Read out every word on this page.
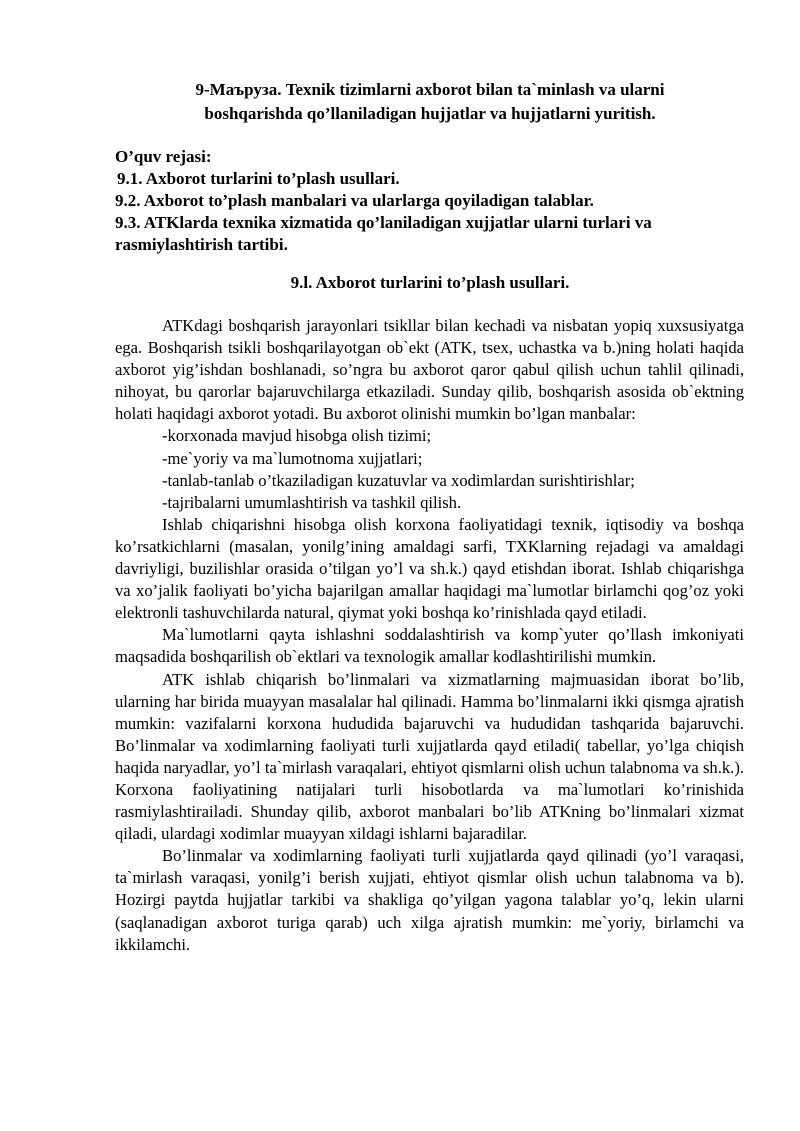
9-Маъруза. Texnik tizimlarni axborot bilan ta`minlash va ularni
boshqarishda qo’llaniladigan hujjatlar va hujjatlarni yuritish.
O’quv rejasi:
9.1. Axborot turlarini to’plash usullari.
9.2. Axborot to’plash manbalari va ularlarga qoyiladigan talablar.
9.3. ATKlarda texnika xizmatida qo’laniladigan xujjatlar ularni turlari va rasmiylashtirish tartibi.
9.l. Axborot turlarini to’plash usullari.

ATKdagi boshqarish jarayonlari tsikllar bilan kechadi va nisbatan yopiq xuxsusiyatga ega. Boshqarish tsikli boshqarilayotgan ob`ekt (ATK, tsex, uchastka va b.)ning holati haqida axborot yig’ishdan boshlanadi, so’ngra bu axborot qaror qabul qilish uchun tahlil qilinadi, nihoyat, bu qarorlar bajaruvchilarga etkaziladi. Sunday qilib, boshqarish asosida ob`ektning holati haqidagi axborot yotadi. Bu axborot olinishi mumkin bo’lgan manbalar:

-korxonada mavjud hisobga olish tizimi;
-me`yoriy va ma`lumotnoma xujjatlari;
-tanlab-tanlab o’tkaziladigan kuzatuvlar va xodimlardan surishtirishlar;
-tajribalarni umumlashtirish va tashkil qilish.

Ishlab chiqarishni hisobga olish korxona faoliyatidagi texnik, iqtisodiy va boshqa ko’rsatkichlarni (masalan, yonilg’ining amaldagi sarfi, TXKlarning rejadagi va amaldagi davriyligi, buzilishlar orasida o’tilgan yo’l va sh.k.) qayd etishdan iborat. Ishlab chiqarishga va xo’jalik faoliyati bo’yicha bajarilgan amallar haqidagi ma`lumotlar birlamchi qog’oz yoki elektronli tashuvchilarda natural, qiymat yoki boshqa ko’rinishlada qayd etiladi.

Ma`lumotlarni qayta ishlashni soddalashtirish va komp`yuter qo’llash imkoniyati maqsadida boshqarilish ob`ektlari va texnologik amallar kodlashtirilishi mumkin.

ATK ishlab chiqarish bo’linmalari va xizmatlarning majmuasidan iborat bo’lib, ularning har birida muayyan masalalar hal qilinadi. Hamma bo’linmalarni ikki qismga ajratish mumkin: vazifalarni korxona hududida bajaruvchi va hududidan tashqarida bajaruvchi. Bo’linmalar va xodimlarning faoliyati turli xujjatlarda qayd etiladi( tabellar, yo’lga chiqish haqida naryadlar, yo’l ta`mirlash varaqalari, ehtiyot qismlarni olish uchun talabnoma va sh.k.). Korxona faoliyatining natijalari turli hisobotlarda va ma`lumotlari ko’rinishida rasmiylashtirailadi. Shunday qilib, axborot manbalari bo’lib ATKning bo’linmalari xizmat qiladi, ulardagi xodimlar muayyan xildagi ishlarni bajaradilar.

Bo’linmalar va xodimlarning faoliyati turli xujjatlarda qayd qilinadi (yo’l varaqasi, ta`mirlash varaqasi, yonilg’i berish xujjati, ehtiyot qismlar olish uchun talabnoma va b). Hozirgi paytda hujjatlar tarkibi va shakliga qo’yilgan yagona talablar yo’q, lekin ularni (saqlanadigan axborot turiga qarab) uch xilga ajratish mumkin: me`yoriy, birlamchi va ikkilamchi.
